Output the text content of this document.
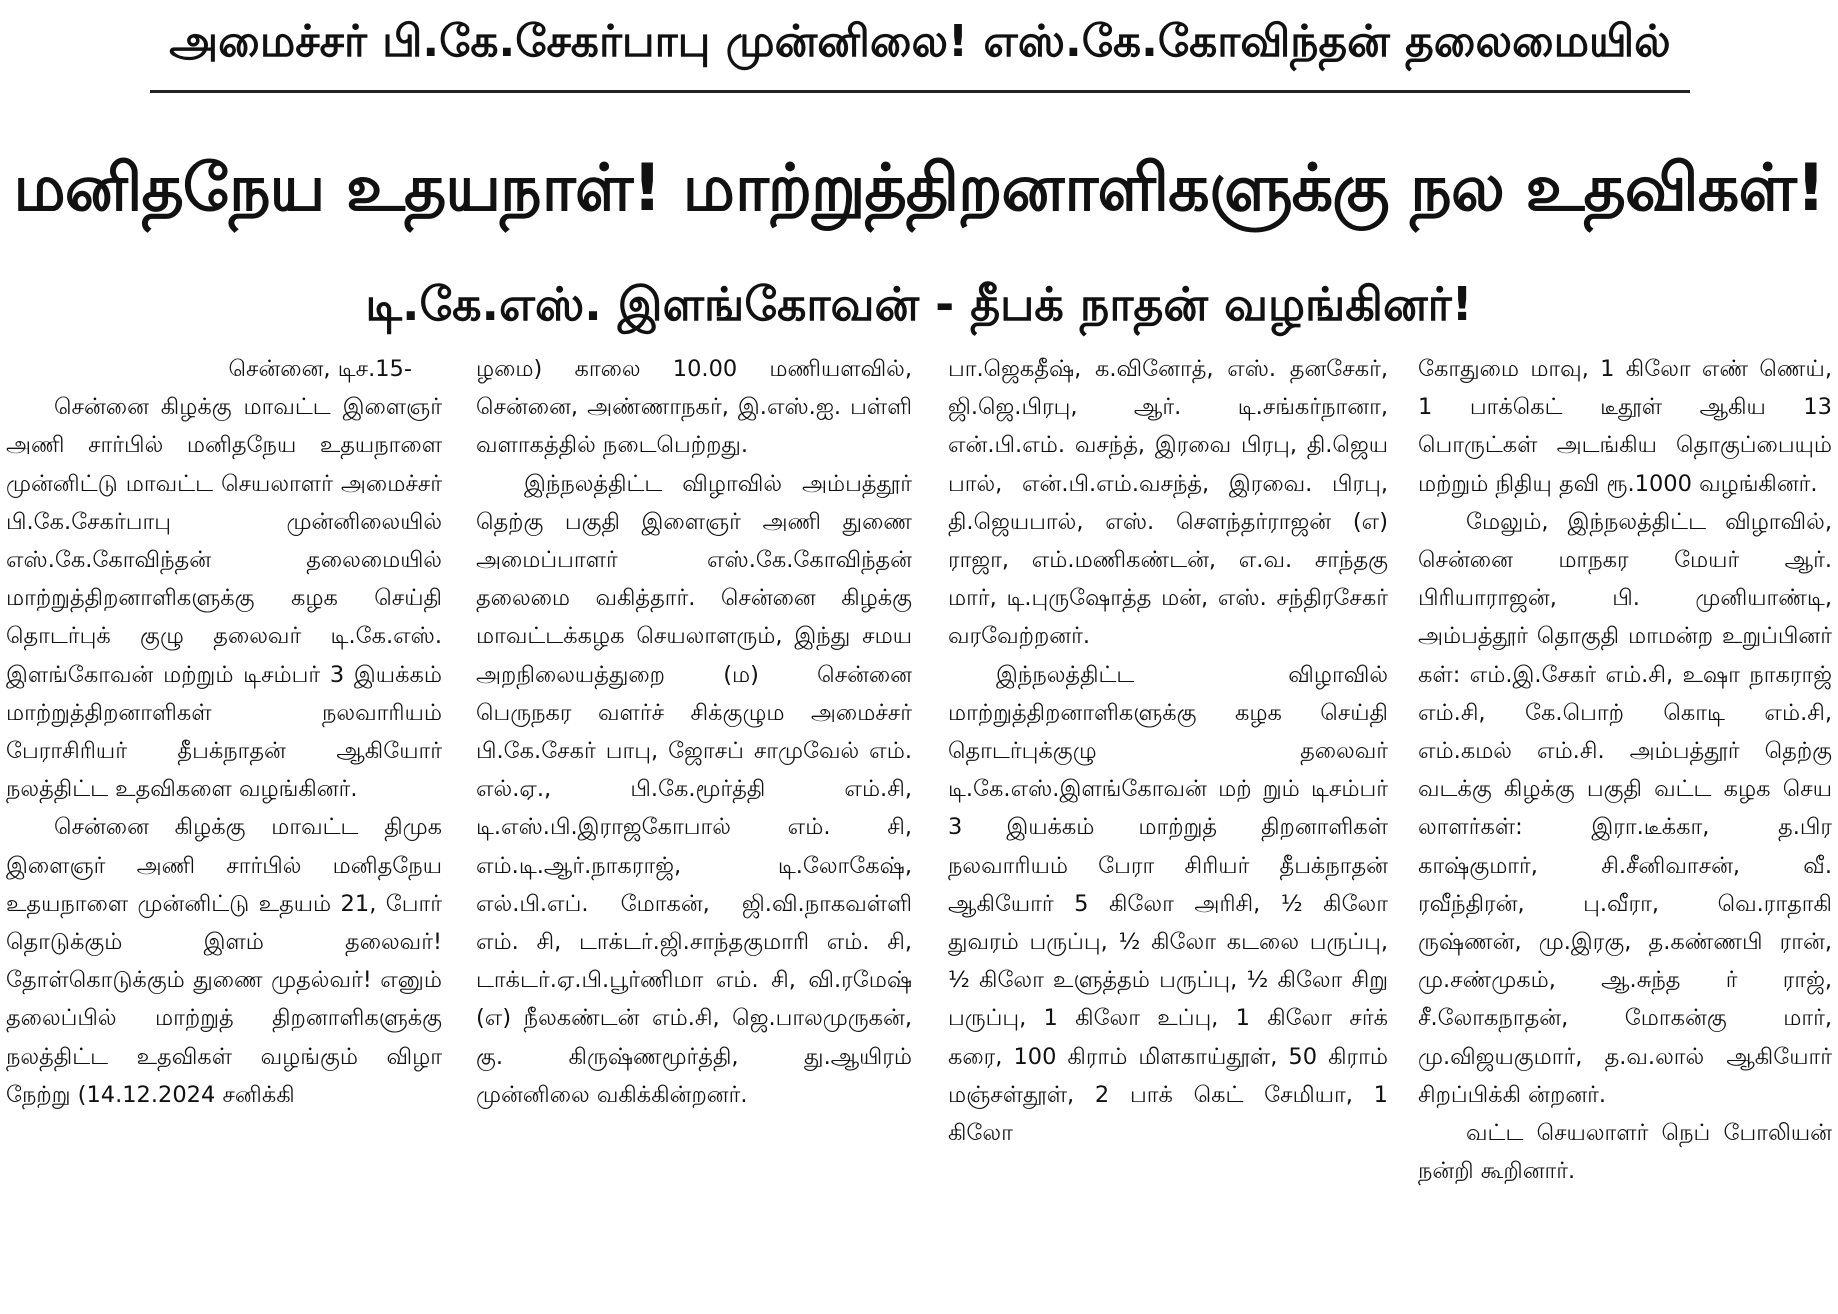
அமைச்சர் பி.கே.சேகர்பாபு முன்னிலை! எஸ்.கே.கோவிந்தன் தலைமையில்
மனிதநேய உதயநாள்! மாற்றுத்திறனாளிகளுக்கு நல உதவிகள்!
டி.கே.எஸ். இளங்கோவன் - தீபக் நாதன் வழங்கினர்!

சென்னை, டிச.15-

சென்னை கிழக்கு மாவட்ட இளைஞர் அணி சார்பில் மனிதநேய உதயநாளை முன்னிட்டு மாவட்ட செயலாளர் அமைச்சர் பி.கே.சேகர்பாபு முன்னிலையில் எஸ்.கே.கோவிந்தன் தலைமையில் மாற்றுத்திறனாளிகளுக்கு கழக செய்தி தொடர்புக் குழு தலைவர் டி.கே.எஸ். இளங்கோவன் மற்றும் டிசம்பர் 3 இயக்கம் மாற்றுத்திறனாளிகள் நலவாரியம் பேராசிரியர் தீபக்நாதன் ஆகியோர் நலத்திட்ட உதவிகளை வழங்கினர்.

சென்னை கிழக்கு மாவட்ட திமுக இளைஞர் அணி சார்பில் மனிதநேய உதயநாளை முன்னிட்டு உதயம் 21, போர் தொடுக்கும் இளம் தலைவர்! தோள்கொடுக்கும் துணை முதல்வர்! எனும் தலைப்பில் மாற்றுத் திறனாளிகளுக்கு நலத்திட்ட உதவிகள் வழங்கும் விழா நேற்று (14.12.2024 சனிக்கி

ழமை) காலை 10.00 மணியளவில், சென்னை, அண்ணாநகர், இ.எஸ்.ஐ. பள்ளி வளாகத்தில் நடைபெற்றது.

இந்நலத்திட்ட விழாவில் அம்பத்தூர் தெற்கு பகுதி இளைஞர் அணி துணை அமைப்பாளர் எஸ்.கே.கோவிந்தன் தலைமை வகித்தார். சென்னை கிழக்கு மாவட்டக்கழக செயலாளரும், இந்து சமய அறநிலையத்துறை (ம) சென்னை பெருநகர வளர்ச் சிக்குழும அமைச்சர் பி.கே.சேகர் பாபு, ஜோசப் சாமுவேல் எம். எல்.ஏ., பி.கே.மூர்த்தி எம்.சி, டி.எஸ்.பி.இராஜகோபால் எம். சி, எம்.டி.ஆர்.நாகராஜ், டி.லோகேஷ், எல்.பி.எப். மோகன், ஜி.வி.நாகவள்ளி எம். சி, டாக்டர்.ஜி.சாந்தகுமாரி எம். சி, டாக்டர்.ஏ.பி.பூர்ணிமா எம். சி, வி.ரமேஷ் (எ) நீலகண்டன் எம்.சி, ஜெ.பாலமுருகன், கு. கிருஷ்ணமூர்த்தி, து.ஆயிரம் முன்னிலை வகிக்கின்றனர்.

பா.ஜெகதீஷ், க.வினோத், எஸ். தனசேகர், ஜி.ஜெ.பிரபு, ஆர். டி.சங்கர்நானா, என்.பி.எம். வசந்த், இரவை பிரபு, தி.ஜெய பால், என்.பி.எம்.வசந்த், இரவை. பிரபு, தி.ஜெயபால், எஸ். சௌந்தர்ராஜன் (எ) ராஜா, எம்.மணிகண்டன், எ.வ. சாந்தகு மார், டி.புருஷோத்த மன், எஸ். சந்திரசேகர் வரவேற்றனர்.

இந்நலத்திட்ட விழாவில் மாற்றுத்திறனாளிகளுக்கு கழக செய்தி தொடர்புக்குழு தலைவர் டி.கே.எஸ்.இளங்கோவன் மற் றும் டிசம்பர் 3 இயக்கம் மாற்றுத் திறனாளிகள் நலவாரியம் பேரா சிரியர் தீபக்நாதன் ஆகியோர் 5 கிலோ அரிசி, ½ கிலோ துவரம் பருப்பு, ½ கிலோ கடலை பருப்பு, ½ கிலோ உளுத்தம் பருப்பு, ½ கிலோ சிறு பருப்பு, 1 கிலோ உப்பு, 1 கிலோ சர்க் கரை, 100 கிராம் மிளகாய்தூள், 50 கிராம் மஞ்சள்தூள், 2 பாக் கெட் சேமியா, 1 கிலோ

கோதுமை மாவு, 1 கிலோ எண் ணெய், 1 பாக்கெட் டீதூள் ஆகிய 13 பொருட்கள் அடங்கிய தொகுப்பையும் மற்றும் நிதியு தவி ரூ.1000 வழங்கினர்.

மேலும், இந்நலத்திட்ட விழாவில், சென்னை மாநகர மேயர் ஆர். பிரியாராஜன், பி. முனியாண்டி, அம்பத்தூர் தொகுதி மாமன்ற உறுப்பினர் கள்: எம்.இ.சேகர் எம்.சி, உஷா நாகராஜ் எம்.சி, கே.பொற் கொடி எம்.சி, எம்.கமல் எம்.சி. அம்பத்தூர் தெற்கு வடக்கு கிழக்கு பகுதி வட்ட கழக செய லாளர்கள்: இரா.டீக்கா, த.பிர காஷ்குமார், சி.சீனிவாசன், வீ. ரவீந்திரன், பு.வீரா, வெ.ராதாகி ருஷ்ணன், மு.இரகு, த.கண்ணபி ரான், மு.சண்முகம், ஆ.சுந்த ர் ராஜ், சீ.லோகநாதன், மோகன்கு மார், மு.விஜயகுமார், த.வ.லால் ஆகியோர் சிறப்பிக்கி ன்றனர்.

வட்ட செயலாளர் நெப் போலியன் நன்றி கூறினார்.
